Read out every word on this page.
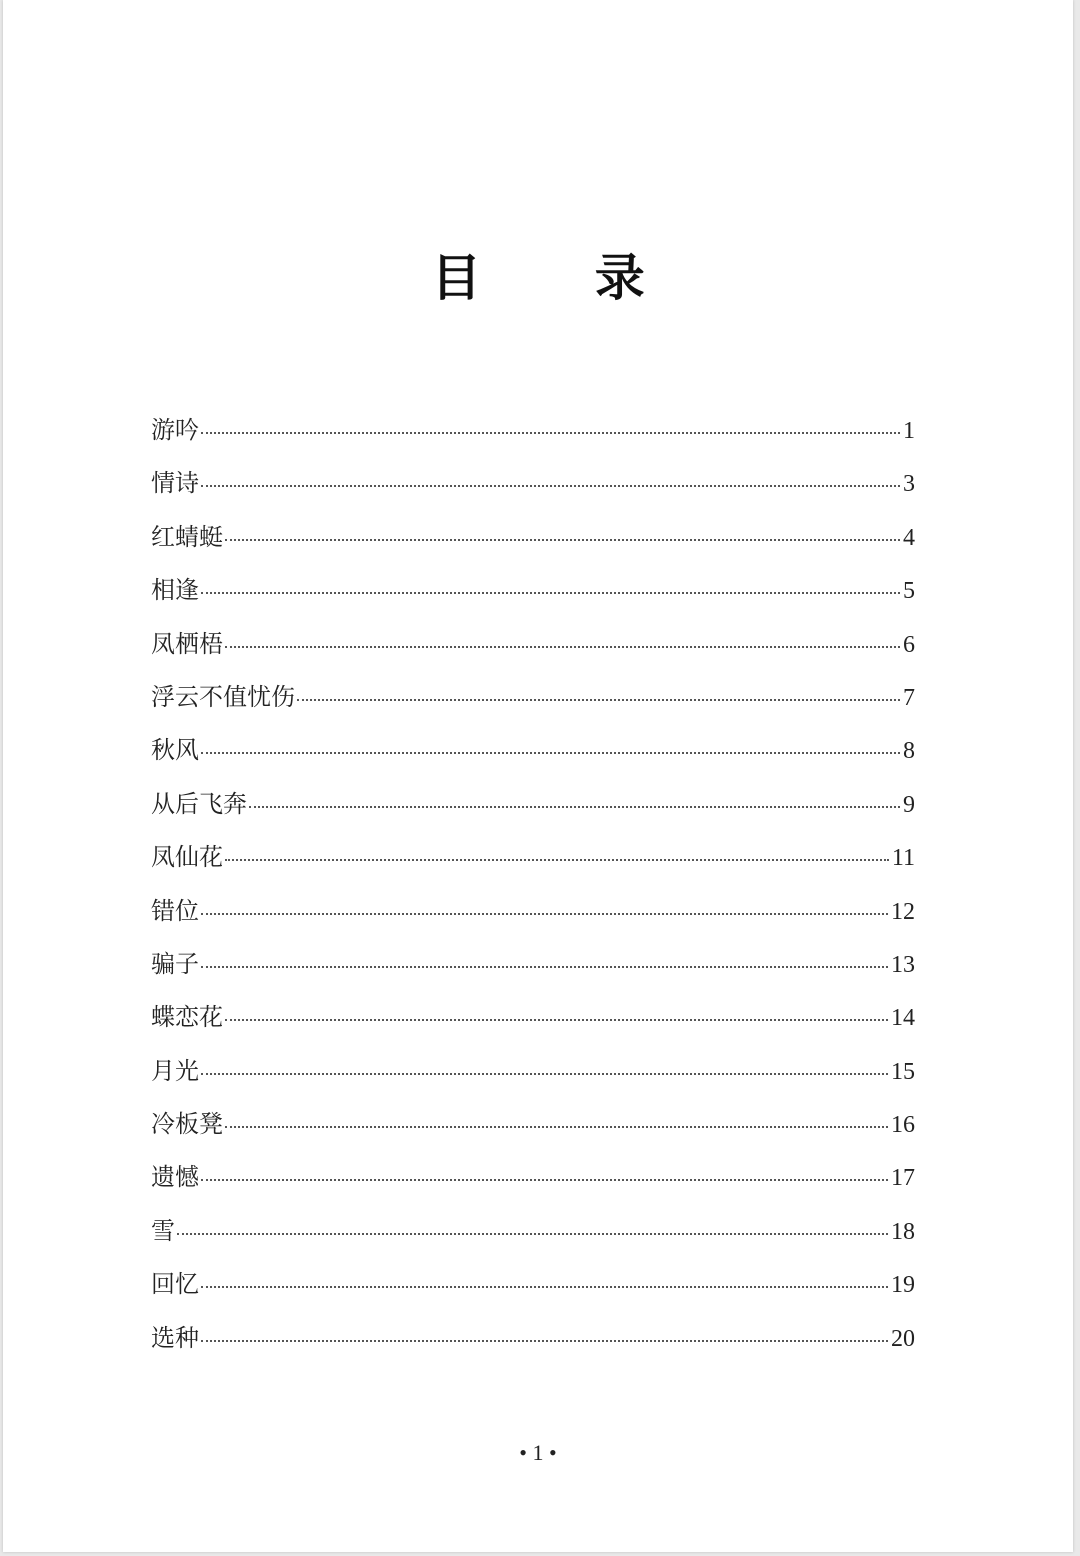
目 录
游吟	1
情诗	3
红蜻蜓	4
相逢	5
凤栖梧	6
浮云不值忧伤	7
秋风	8
从后飞奔	9
凤仙花	11
错位	12
骗子	13
蝶恋花	14
月光	15
冷板凳	16
遗憾	17
雪	18
回忆	19
选种	20
• 1 •
